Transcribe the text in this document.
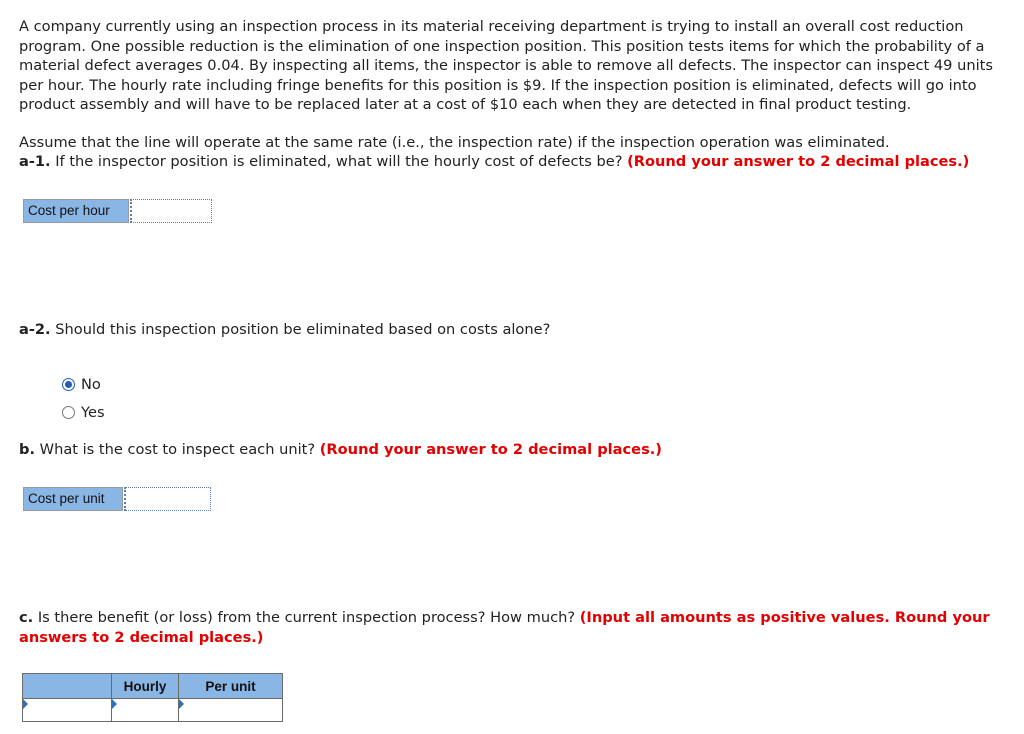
A company currently using an inspection process in its material receiving department is trying to install an overall cost reduction
program. One possible reduction is the elimination of one inspection position. This position tests items for which the probability of a
material defect averages 0.04. By inspecting all items, the inspector is able to remove all defects. The inspector can inspect 49 units
per hour. The hourly rate including fringe benefits for this position is $9. If the inspection position is eliminated, defects will go into
product assembly and will have to be replaced later at a cost of $10 each when they are detected in final product testing.
Assume that the line will operate at the same rate (i.e., the inspection rate) if the inspection operation was eliminated.
a-1. If the inspector position is eliminated, what will the hourly cost of defects be? (Round your answer to 2 decimal places.)
Cost per hour
a-2. Should this inspection position be eliminated based on costs alone?
No
Yes
b. What is the cost to inspect each unit? (Round your answer to 2 decimal places.)
Cost per unit
c. Is there benefit (or loss) from the current inspection process? How much? (Input all amounts as positive values. Round your
answers to 2 decimal places.)
	Hourly	Per unit
